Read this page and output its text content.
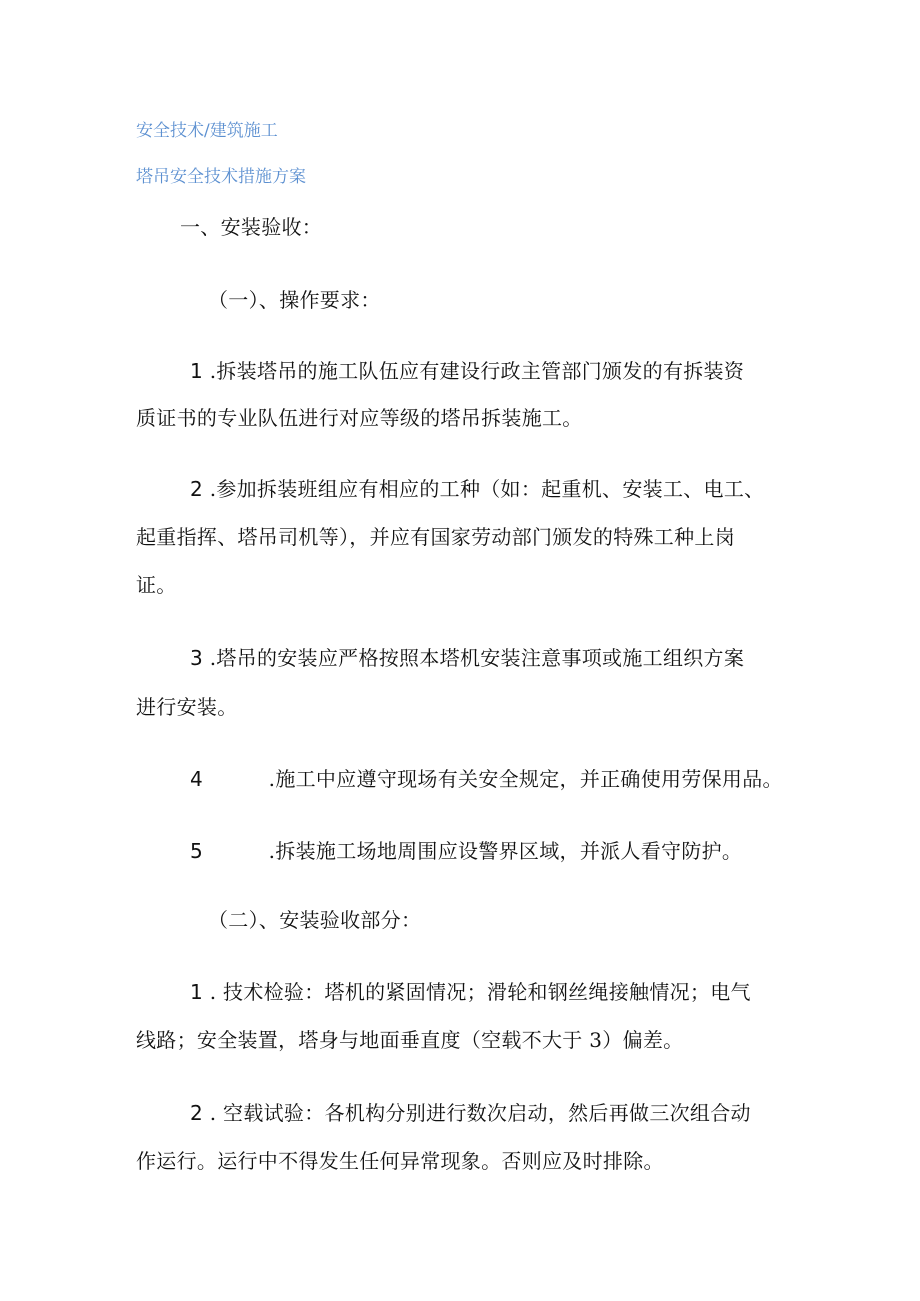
安全技术/建筑施工
塔吊安全技术措施方案
一、安装验收：
（一）、操作要求：
1 .拆装塔吊的施工队伍应有建设行政主管部门颁发的有拆装资
质证书的专业队伍进行对应等级的塔吊拆装施工。
2 .参加拆装班组应有相应的工种（如：起重机、安装工、电工、
起重指挥、塔吊司机等），并应有国家劳动部门颁发的特殊工种上岗
证。
3 .塔吊的安装应严格按照本塔机安装注意事项或施工组织方案
进行安装。
4	.施工中应遵守现场有关安全规定，并正确使用劳保用品。
5	.拆装施工场地周围应设警界区域，并派人看守防护。
（二）、安装验收部分：
1 . 技术检验：塔机的紧固情况；滑轮和钢丝绳接触情况；电气
线路；安全装置，塔身与地面垂直度（空载不大于 3）偏差。
2 . 空载试验：各机构分别进行数次启动，然后再做三次组合动
作运行。运行中不得发生任何异常现象。否则应及时排除。
